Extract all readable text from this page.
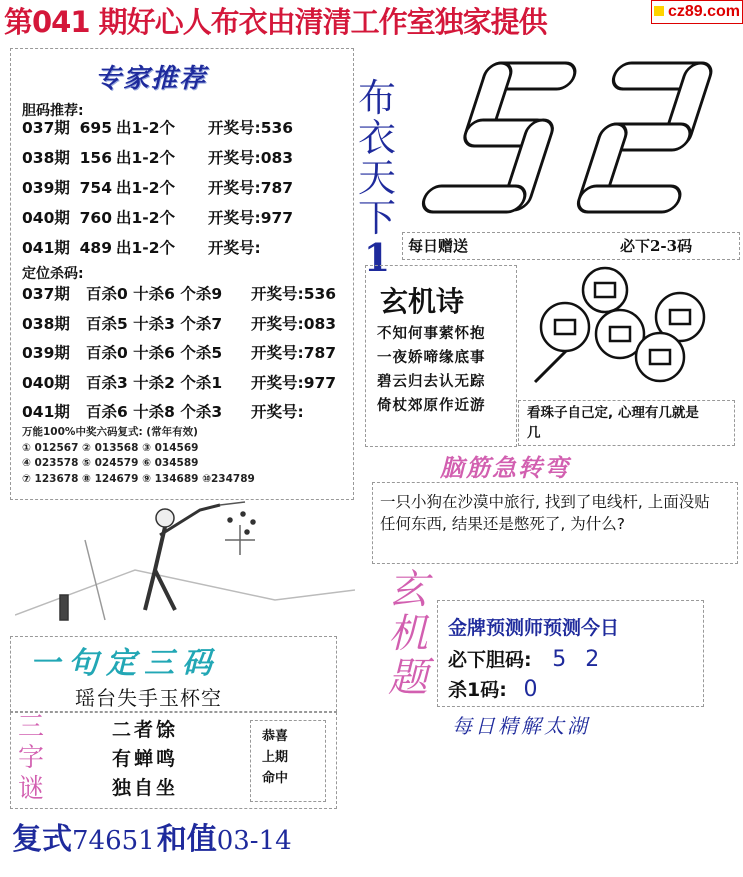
第041 期好心人布衣由清清工作室独家提供	cz89.com
专家推荐
胆码推荐:
037期 695 出1-2个 开奖号:536
038期 156 出1-2个 开奖号:083
039期 754 出1-2个 开奖号:787
040期 760 出1-2个 开奖号:977
041期 489 出1-2个 开奖号:
定位杀码:
037期 百杀0 十杀6 个杀9 开奖号:536
038期 百杀5 十杀3 个杀7 开奖号:083
039期 百杀0 十杀6 个杀5 开奖号:787
040期 百杀3 十杀2 个杀1 开奖号:977
041期 百杀6 十杀8 个杀3 开奖号:
万能100%中奖六码复式: (常年有效)
① 012567 ② 013568 ③ 014569
④ 023578 ⑤ 024579 ⑥ 034589
⑦ 123678 ⑧ 124679 ⑨ 134689 ⑩234789
布
衣
天
下
1	每日赠送	必下2-3码
玄机诗
不知何事萦怀抱
一夜娇啼缘底事
碧云归去认无踪
倚杖郊原作近游	看珠子自己定, 心理有几就是几
脑筋急转弯
一只小狗在沙漠中旅行, 找到了电线杆, 上面没贴任何东西, 结果还是憋死了, 为什么?
玄
机
题
金牌预测师预测今日
必下胆码: 5 2
杀1码: 0
每日精解太湖
一句定三码
瑶台失手玉杯空
三
字
谜
二者馀
有蝉鸣
独自坐
恭喜
上期
命中
复式74651和值03-14
